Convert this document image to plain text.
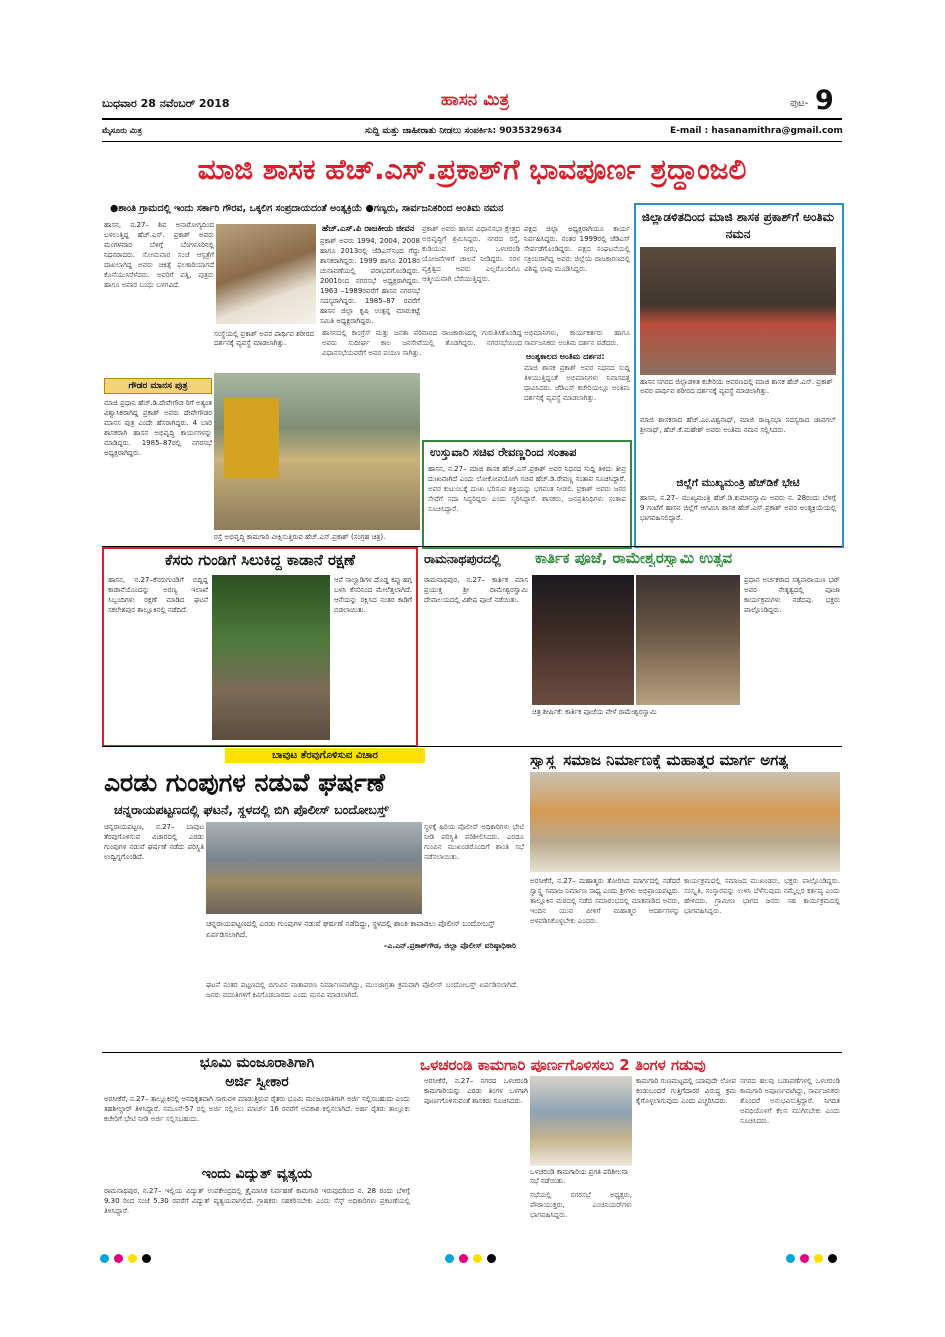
ಬುಧವಾರ 28 ನವೆಂಬರ್ 2018	ಹಾಸನ ಮಿತ್ರ	ಪುಟ- 9
ಮೈಸೂರು ಮಿತ್ರ	ಸುದ್ದಿ ಮತ್ತು ಜಾಹೀರಾತು ನೀಡಲು ಸಂಪರ್ಕಿಸಿ: 9035329634	E-mail : hasanamithra@gmail.com
ಮಾಜಿ ಶಾಸಕ ಹೆಚ್.ಎಸ್.ಪ್ರಕಾಶ್‌ಗೆ ಭಾವಪೂರ್ಣ ಶ್ರದ್ಧಾಂಜಲಿ
●ಶಾಂತಿ ಗ್ರಾಮದಲ್ಲಿ ಇಂದು ಸರ್ಕಾರಿ ಗೌರವ, ಒಕ್ಕಲಿಗ ಸಂಪ್ರದಾಯದಂತೆ ಅಂತ್ಯಕ್ರಿಯೆ ●ಗಣ್ಯರು, ಸಾರ್ವಜನಿಕರಿಂದ ಅಂತಿಮ ನಮನ
ಹಾಸನ, ನ.27– ಶಿವ ಅನಾರೋಗ್ಯದಿಂದ ಬಳಲುತ್ತಿದ್ದ ಹೆಚ್.ಎಸ್. ಪ್ರಕಾಶ್ ಅವರು ಮಂಗಳವಾರ ಬೆಳಿಗ್ಗೆ ಬೆಂಗಳೂರಿನಲ್ಲಿ ನಿಧನರಾದರು. ಸೋಮವಾರ ಸಂಜೆ ಆಸ್ಪತ್ರೆಗೆ ದಾಖಲಾಗಿದ್ದ ಅವರು ಚಿಕಿತ್ಸೆ ಫಲಕಾರಿಯಾಗದೆ ಕೊನೆಯುಸಿರೆಳೆದರು. ಅವರಿಗೆ ಪತ್ನಿ, ಪುತ್ರರು ಹಾಗೂ ಅಪಾರ ಬಂಧು ಬಳಗವಿದೆ.
ಸಂಸ್ಥೆಯಲ್ಲಿ ಪ್ರಕಾಶ್ ಅವರ ಪಾರ್ಥಿವ ಶರೀರದ ದರ್ಶನಕ್ಕೆ ವ್ಯವಸ್ಥೆ ಮಾಡಲಾಗಿತ್ತು.
ಹೆಚ್.ಎಸ್.ಪಿ ರಾಜಕೀಯ ಜೀವನ
ಪ್ರಕಾಶ್ ಅವರು 1994, 2004, 2008 ಹಾಗೂ 2013ರಲ್ಲಿ ಜೆಡಿಎಸ್‌ನಿಂದ ಗೆದ್ದು ಶಾಸಕರಾಗಿದ್ದರು. 1999 ಹಾಗೂ 2018ರ ಚುನಾವಣೆಯಲ್ಲಿ ಪರಾಭವಗೊಂಡಿದ್ದರು. 2001ರಿಂದ ನಗರಸಭೆ ಅಧ್ಯಕ್ಷರಾಗಿದ್ದರು. 1963 –1989ರವರೆಗೆ ಹಾಸನ ನಗರಸಭೆ ಸದಸ್ಯರಾಗಿದ್ದರು. 1985–87 ರವರೆಗೆ ಹಾಸನ ಜಿಲ್ಲಾ ಕೃಷಿ ಉತ್ಪನ್ನ ಮಾರುಕಟ್ಟೆ ಸಮಿತಿ ಅಧ್ಯಕ್ಷರಾಗಿದ್ದರು.
ಪ್ರಕಾಶ್ ಅವರು ಹಾಸನ ವಿಧಾನಸಭಾ ಕ್ಷೇತ್ರದ ಅಭಿವೃದ್ಧಿಗೆ ಶ್ರಮಿಸಿದ್ದರು. ನಗರದ ರಸ್ತೆ, ಕುಡಿಯುವ ನೀರು, ಒಳಚರಂಡಿ ಯೋಜನೆಗಳಿಗೆ ಚಾಲನೆ ನೀಡಿದ್ದರು. ಸರಳ ವ್ಯಕ್ತಿತ್ವದ ಅವರು ಎಲ್ಲರೊಂದಿಗೂ ಆತ್ಮೀಯವಾಗಿ ಬೆರೆಯುತ್ತಿದ್ದರು.
ಪಕ್ಷದ ಜಿಲ್ಲಾ ಅಧ್ಯಕ್ಷರಾಗಿಯೂ ಕಾರ್ಯ ನಿರ್ವಹಿಸಿದ್ದರು. ನಂತರ 1999ರಲ್ಲಿ ಜೆಡಿಎಸ್ ಸೇರ್ಪಡೆಗೊಂಡಿದ್ದರು. ಪಕ್ಷದ ಸಂಘಟನೆಯಲ್ಲಿ ಸಕ್ರಿಯರಾಗಿದ್ದ ಅವರು ಜಿಲ್ಲೆಯ ರಾಜಕಾರಣದಲ್ಲಿ ವಿಶಿಷ್ಟ ಛಾಪು ಮೂಡಿಸಿದ್ದರು.
ರಸ್ತೆ ಅಭಿವೃದ್ಧಿ ಕಾಮಗಾರಿ ವೀಕ್ಷಿಸುತ್ತಿರುವ ಹೆಚ್.ಎಸ್.ಪ್ರಕಾಶ್ (ಸಂಗ್ರಹ ಚಿತ್ರ).
ಹಾಸನದಲ್ಲಿ ಕಾಂಗ್ರೆಸ್ ಮತ್ತು ಜನತಾ ಪರಿವಾರದ ರಾಜಕಾರಣದಲ್ಲಿ ಗುರುತಿಸಿಕೊಂಡಿದ್ದ ಅವರು ಸುದೀರ್ಘ ಕಾಲ ಜನಸೇವೆಯಲ್ಲಿ ತೊಡಗಿದ್ದರು. ನಗರಸಭೆಯಿಂದ ವಿಧಾನಸಭೆಯವರೆಗೆ ಅವರ ಪಯಣ ಸಾಗಿತ್ತು.
ಅಭಿಮಾನಿಗಳು, ಕಾರ್ಯಕರ್ತರು ಹಾಗೂ ಸಾರ್ವಜನಿಕರು ಅಂತಿಮ ದರ್ಶನ ಪಡೆದರು.
ಅಂತ್ಯಕಾಲದ ಅಂತಿಮ ದರ್ಶನ:
ಮಾಜಿ ಶಾಸಕ ಪ್ರಕಾಶ್ ಅವರ ನಿಧನದ ಸುದ್ದಿ ತಿಳಿಯುತ್ತಿದ್ದಂತೆ ಅಭಿಮಾನಿಗಳು ನಿವಾಸದತ್ತ ಧಾವಿಸಿದರು. ಜೆಡಿಎಸ್ ಕಚೇರಿಯಲ್ಲೂ ಅಂತಿಮ ದರ್ಶನಕ್ಕೆ ವ್ಯವಸ್ಥೆ ಮಾಡಲಾಗಿತ್ತು.
ಗೌಡರ ಮಾನಸ ಪುತ್ರ
ಮಾಜಿ ಪ್ರಧಾನಿ ಹೆಚ್.ಡಿ.ದೇವೇಗೌಡ ರಿಗೆ ಅತ್ಯಂತ ವಿಶ್ವಾಸಿಕರಾಗಿದ್ದ ಪ್ರಕಾಶ್ ಅವರು ದೇವೇಗೌಡರ ಮಾನಸ ಪುತ್ರ ಎಂದೇ ಹೆಸರಾಗಿದ್ದರು. 4 ಬಾರಿ ಶಾಸಕರಾಗಿ ಹಾಸನ ಅಭಿವೃದ್ಧಿ ಕಾರ್ಯಗಳನ್ನು ಮಾಡಿದ್ದರು. 1985–87ರಲ್ಲಿ ನಗರಸಭೆ ಅಧ್ಯಕ್ಷರಾಗಿದ್ದರು.	ಉಸ್ತುವಾರಿ ಸಚಿವ ರೇವಣ್ಣರಿಂದ ಸಂತಾಪ
ಹಾಸನ, ನ.27– ಮಾಜಿ ಶಾಸಕ ಹೆಚ್.ಎಸ್.ಪ್ರಕಾಶ್ ಅವರ ನಿಧನದ ಸುದ್ದಿ ತಿಳಿದು ತೀವ್ರ ದುಃಖವಾಗಿದೆ ಎಂದು ಲೋಕೋಪಯೋಗಿ ಸಚಿವ ಹೆಚ್.ಡಿ.ರೇವಣ್ಣ ಸಂತಾಪ ಸೂಚಿಸಿದ್ದಾರೆ. ಅವರ ಕುಟುಂಬಕ್ಕೆ ದುಃಖ ಭರಿಸುವ ಶಕ್ತಿಯನ್ನು ಭಗವಂತ ನೀಡಲಿ. ಪ್ರಕಾಶ್ ಅವರು ಜನರ ಸೇವೆಗೆ ಸದಾ ಸಿದ್ಧರಿದ್ದರು ಎಂದು ಸ್ಮರಿಸಿದ್ದಾರೆ. ಶಾಸಕರು, ಜನಪ್ರತಿನಿಧಿಗಳು ಸಂತಾಪ ಸೂಚಿಸಿದ್ದಾರೆ.
ಜಿಲ್ಲಾಡಳಿತದಿಂದ ಮಾಜಿ ಶಾಸಕ ಪ್ರಕಾಶ್‌ಗೆ ಅಂತಿಮ ನಮನ
ಹಾಸನ ನಗರದ ಜಿಲ್ಲಾಡಳಿತ ಕಚೇರಿಯ ಆವರಣದಲ್ಲಿ ಮಾಜಿ ಶಾಸಕ ಹೆಚ್.ಎಸ್. ಪ್ರಕಾಶ್ ಅವರ ಪಾರ್ಥಿವ ಶರೀರದ ದರ್ಶನಕ್ಕೆ ವ್ಯವಸ್ಥೆ ಮಾಡಲಾಗಿತ್ತು.
ಮಾಜಿ ಶಾಸಕರಾದ ಹೆಚ್.ಎಂ.ವಿಶ್ವನಾಥ್, ಮಾಜಿ ರಾಜ್ಯಸಭಾ ಸದಸ್ಯರಾದ ಜಾವಗಲ್ ಶ್ರೀನಾಥ್, ಹೆಚ್.ಕೆ.ಮಹೇಶ್ ಅವರು ಅಂತಿಮ ನಮನ ಸಲ್ಲಿಸಿದರು.
ಜಿಲ್ಲೆಗೆ ಮುಖ್ಯಮಂತ್ರಿ ಹೆಚ್‌ಡಿಕೆ ಭೇಟಿ
ಹಾಸನ, ನ.27– ಮುಖ್ಯಮಂತ್ರಿ ಹೆಚ್.ಡಿ.ಕುಮಾರಸ್ವಾಮಿ ಅವರು ನ. 28ರಂದು ಬೆಳಿಗ್ಗೆ 9 ಗಂಟೆಗೆ ಹಾಸನ ಜಿಲ್ಲೆಗೆ ಆಗಮಿಸಿ ಶಾಸಕ ಹೆಚ್.ಎಸ್.ಪ್ರಕಾಶ್ ಅವರ ಅಂತ್ಯಕ್ರಿಯೆಯಲ್ಲಿ ಭಾಗವಹಿಸಲಿದ್ದಾರೆ.
ಕೆಸರು ಗುಂಡಿಗೆ ಸಿಲುಕಿದ್ದ ಕಾಡಾನೆ ರಕ್ಷಣೆ
ಹಾಸನ, ನ.27–ಕೆಸರುಗುಂಡಿಗೆ ಬಿದ್ದಿದ್ದ ಕಾಡಾನೆಯೊಂದನ್ನು ಅರಣ್ಯ ಇಲಾಖೆ ಸಿಬ್ಬಂದಿಗಳು ರಕ್ಷಣೆ ಮಾಡಿದ ಘಟನೆ ಸಕಲೇಶಪುರ ತಾಲ್ಲೂಕಿನಲ್ಲಿ ನಡೆದಿದೆ.
ಆನೆ ಸಾಲ್ವಾಡಿಗಳ ದೊಡ್ಡ ಕಪ್ಪು ಹಗ್ಗ ಬಳಸಿ ಕೆಸರಿನಿಂದ ಮೇಲೆತ್ತಲಾಗಿದೆ. ಆನೆಯನ್ನು ರಕ್ಷಿಸಿದ ನಂತರ ಕಾಡಿಗೆ ಬಿಡಲಾಯಿತು.
ರಾಮನಾಥಪುರದಲ್ಲಿ ಕಾರ್ತಿಕ ಪೂಜೆ, ರಾಮೇಶ್ವರಸ್ವಾಮಿ ಉತ್ಸವ
ರಾಮನಾಥಪುರ, ನ.27– ಕಾರ್ತಿಕ ಮಾಸ ಪ್ರಯುಕ್ತ ಶ್ರೀ ರಾಮೇಶ್ವರಸ್ವಾಮಿ ದೇವಾಲಯದಲ್ಲಿ ವಿಶೇಷ ಪೂಜೆ ನಡೆಯಿತು.
ಚಿತ್ರ ಶೀರ್ಷಿಕೆ: ಕಾರ್ತಿಕ ಪೂಜೆಯ ವೇಳೆ ರಾಮೇಶ್ವರಸ್ವಾಮಿ
ಪ್ರಧಾನ ಅರ್ಚಕರಾದ ಸತ್ಯನಾರಾಯಣ ಭಟ್ ಅವರ ನೇತೃತ್ವದಲ್ಲಿ ಪೂಜಾ ಕಾರ್ಯಕ್ರಮಗಳು ನಡೆದವು. ಭಕ್ತರು ಪಾಲ್ಗೊಂಡಿದ್ದರು.
ಬಾವುಟ ತೆರವುಗೊಳಿಸುವ ವಿಚಾರ
ಎರಡು ಗುಂಪುಗಳ ನಡುವೆ ಘರ್ಷಣೆ
ಚನ್ನರಾಯಪಟ್ಟಣದಲ್ಲಿ ಘಟನೆ, ಸ್ಥಳದಲ್ಲಿ ಬಿಗಿ ಪೊಲೀಸ್ ಬಂದೋಬಸ್ತ್
ಚನ್ನರಾಯಪಟ್ಟಣ, ನ.27– ಬಾವುಟ ತೆರವುಗೊಳಿಸುವ ವಿಚಾರದಲ್ಲಿ ಎರಡು ಗುಂಪುಗಳ ನಡುವೆ ಘರ್ಷಣೆ ನಡೆದು ಪರಿಸ್ಥಿತಿ ಉದ್ವಿಗ್ನಗೊಂಡಿದೆ.
ಚನ್ನರಾಯಪಟ್ಟಣದಲ್ಲಿ ಎರಡು ಗುಂಪುಗಳ ನಡುವೆ ಘರ್ಷಣೆ ನಡೆದಿದ್ದು, ಸ್ಥಳದಲ್ಲಿ ಶಾಂತಿ ಕಾಪಾಡಲು ಪೊಲೀಸ್ ಬಂದೋಬಸ್ತ್ ಏರ್ಪಡಿಸಲಾಗಿದೆ.
–ಎ.ಎನ್.ಪ್ರಕಾಶ್‌ಗೌಡ, ಜಿಲ್ಲಾ ಪೊಲೀಸ್ ವರಿಷ್ಠಾಧಿಕಾರಿ
ಘಟನೆ ನಂತರ ಪಟ್ಟಣದಲ್ಲಿ ಬಿಗುವಿನ ವಾತಾವರಣ ನಿರ್ಮಾಣವಾಗಿದ್ದು, ಮುಂಜಾಗ್ರತಾ ಕ್ರಮವಾಗಿ ಪೊಲೀಸ್ ಬಂದೋಬಸ್ತ್ ಏರ್ಪಡಿಸಲಾಗಿದೆ. ಜನರು ವದಂತಿಗಳಿಗೆ ಕಿವಿಗೊಡಬಾರದು ಎಂದು ಮನವಿ ಮಾಡಲಾಗಿದೆ.
ಸ್ಥಳಕ್ಕೆ ಹಿರಿಯ ಪೊಲೀಸ್ ಅಧಿಕಾರಿಗಳು ಭೇಟಿ ನೀಡಿ ಪರಿಸ್ಥಿತಿ ಪರಿಶೀಲಿಸಿದರು. ಎರಡೂ ಗುಂಪಿನ ಮುಖಂಡರೊಂದಿಗೆ ಶಾಂತಿ ಸಭೆ ನಡೆಸಲಾಯಿತು.
ಸ್ವಾಸ್ಥ್ಯ ಸಮಾಜ ನಿರ್ಮಾಣಕ್ಕೆ ಮಹಾತ್ಮರ ಮಾರ್ಗ ಅಗತ್ಯ
ಅರಸೀಕೆರೆ, ನ.27– ಮಹಾತ್ಮರು ತೋರಿಸಿದ ಮಾರ್ಗದಲ್ಲಿ ನಡೆದರೆ ಸ್ವಾಸ್ಥ್ಯ ಸಮಾಜ ನಿರ್ಮಾಣ ಸಾಧ್ಯ ಎಂದು ಶ್ರೀಗಳು ಅಭಿಪ್ರಾಯಪಟ್ಟರು. ತಾಲ್ಲೂಕಿನ ಮಠದಲ್ಲಿ ನಡೆದ ಸಮಾರಂಭದಲ್ಲಿ ಮಾತನಾಡಿದ ಅವರು, ಇಂದಿನ ಯುವ ಪೀಳಿಗೆ ಮಹಾತ್ಮರ ಆದರ್ಶಗಳನ್ನು ಅಳವಡಿಸಿಕೊಳ್ಳಬೇಕು ಎಂದರು.
ಕಾರ್ಯಕ್ರಮದಲ್ಲಿ ಸಮಾಜದ ಮುಖಂಡರು, ಭಕ್ತರು ಪಾಲ್ಗೊಂಡಿದ್ದರು. ಸಂಸ್ಕೃತಿ, ಸಂಸ್ಕಾರವನ್ನು ಉಳಿಸಿ ಬೆಳೆಸುವುದು ನಮ್ಮೆಲ್ಲರ ಕರ್ತವ್ಯ ಎಂದು ಹೇಳಿದರು. ಗ್ರಾಮೀಣ ಭಾಗದ ಜನರು ಸಹ ಕಾರ್ಯಕ್ರಮದಲ್ಲಿ ಭಾಗವಹಿಸಿದ್ದರು.
ಭೂಮಿ ಮಂಜೂರಾತಿಗಾಗಿ
ಅರ್ಜಿ ಸ್ವೀಕಾರ
ಅರಸೀಕೆರೆ, ನ.27– ತಾಲ್ಲೂಕಿನಲ್ಲಿ ಅನಧಿಕೃತವಾಗಿ ಸಾಗುವಳಿ ಮಾಡುತ್ತಿರುವ ರೈತರು ಭೂಮಿ ಮಂಜೂರಾತಿಗಾಗಿ ಅರ್ಜಿ ಸಲ್ಲಿಸಬಹುದು ಎಂದು ತಹಶೀಲ್ದಾರ್ ತಿಳಿಸಿದ್ದಾರೆ. ನಮೂನೆ-57 ರಲ್ಲಿ ಅರ್ಜಿ ಸಲ್ಲಿಸಲು ಮಾರ್ಚ್ 16 ರವರೆಗೆ ಅವಕಾಶ ಕಲ್ಪಿಸಲಾಗಿದೆ. ಅರ್ಹ ರೈತರು ತಾಲ್ಲೂಕು ಕಚೇರಿಗೆ ಭೇಟಿ ನೀಡಿ ಅರ್ಜಿ ಸಲ್ಲಿಸಬಹುದು.
ಇಂದು ವಿದ್ಯುತ್ ವ್ಯತ್ಯಯ
ರಾಮನಾಥಪುರ, ನ.27– ಇಲ್ಲಿಯ ವಿದ್ಯುತ್ ಉಪಕೇಂದ್ರದಲ್ಲಿ ತ್ರೈಮಾಸಿಕ ನಿರ್ವಹಣೆ ಕಾಮಗಾರಿ ಇರುವುದರಿಂದ ನ. 28 ರಂದು ಬೆಳಿಗ್ಗೆ 9.30 ರಿಂದ ಸಂಜೆ 5.30 ರವರೆಗೆ ವಿದ್ಯುತ್ ವ್ಯತ್ಯಯವಾಗಲಿದೆ. ಗ್ರಾಹಕರು ಸಹಕರಿಸಬೇಕು ಎಂದು ಸೆಸ್ಕ್ ಅಧಿಕಾರಿಗಳು ಪ್ರಕಟಣೆಯಲ್ಲಿ ತಿಳಿಸಿದ್ದಾರೆ.
ಒಳಚರಂಡಿ ಕಾಮಗಾರಿ ಪೂರ್ಣಗೊಳಿಸಲು 2 ತಿಂಗಳ ಗಡುವು
ಅರಸೀಕೆರೆ, ನ.27– ನಗರದ ಒಳಚರಂಡಿ ಕಾಮಗಾರಿಯನ್ನು ಎರಡು ತಿಂಗಳ ಒಳಗಾಗಿ ಪೂರ್ಣಗೊಳಿಸುವಂತೆ ಶಾಸಕರು ಸೂಚಿಸಿದರು.
ಒಳಚರಂಡಿ ಕಾಮಗಾರಿಯ ಪ್ರಗತಿ ಪರಿಶೀಲನಾ ಸಭೆ ನಡೆಯಿತು.
ಸಭೆಯಲ್ಲಿ ನಗರಸಭೆ ಅಧ್ಯಕ್ಷರು, ಪೌರಾಯುಕ್ತರು, ಎಂಜಿನಿಯರ್‌ಗಳು ಭಾಗವಹಿಸಿದ್ದರು.
ಕಾಮಗಾರಿ ಗುಣಮಟ್ಟದಲ್ಲಿ ಯಾವುದೇ ಲೋಪ ಕಂಡುಬಂದರೆ ಗುತ್ತಿಗೆದಾರರ ವಿರುದ್ಧ ಕ್ರಮ ಕೈಗೊಳ್ಳಲಾಗುವುದು ಎಂದು ಎಚ್ಚರಿಸಿದರು.
ನಗರದ ಹಲವು ಬಡಾವಣೆಗಳಲ್ಲಿ ಒಳಚರಂಡಿ ಕಾಮಗಾರಿ ಅಪೂರ್ಣವಾಗಿದ್ದು, ಸಾರ್ವಜನಿಕರು ತೊಂದರೆ ಅನುಭವಿಸುತ್ತಿದ್ದಾರೆ. ನಿಗದಿತ ಅವಧಿಯೊಳಗೆ ಕೆಲಸ ಮುಗಿಸಬೇಕು ಎಂದು ಸೂಚಿಸಿದರು.
